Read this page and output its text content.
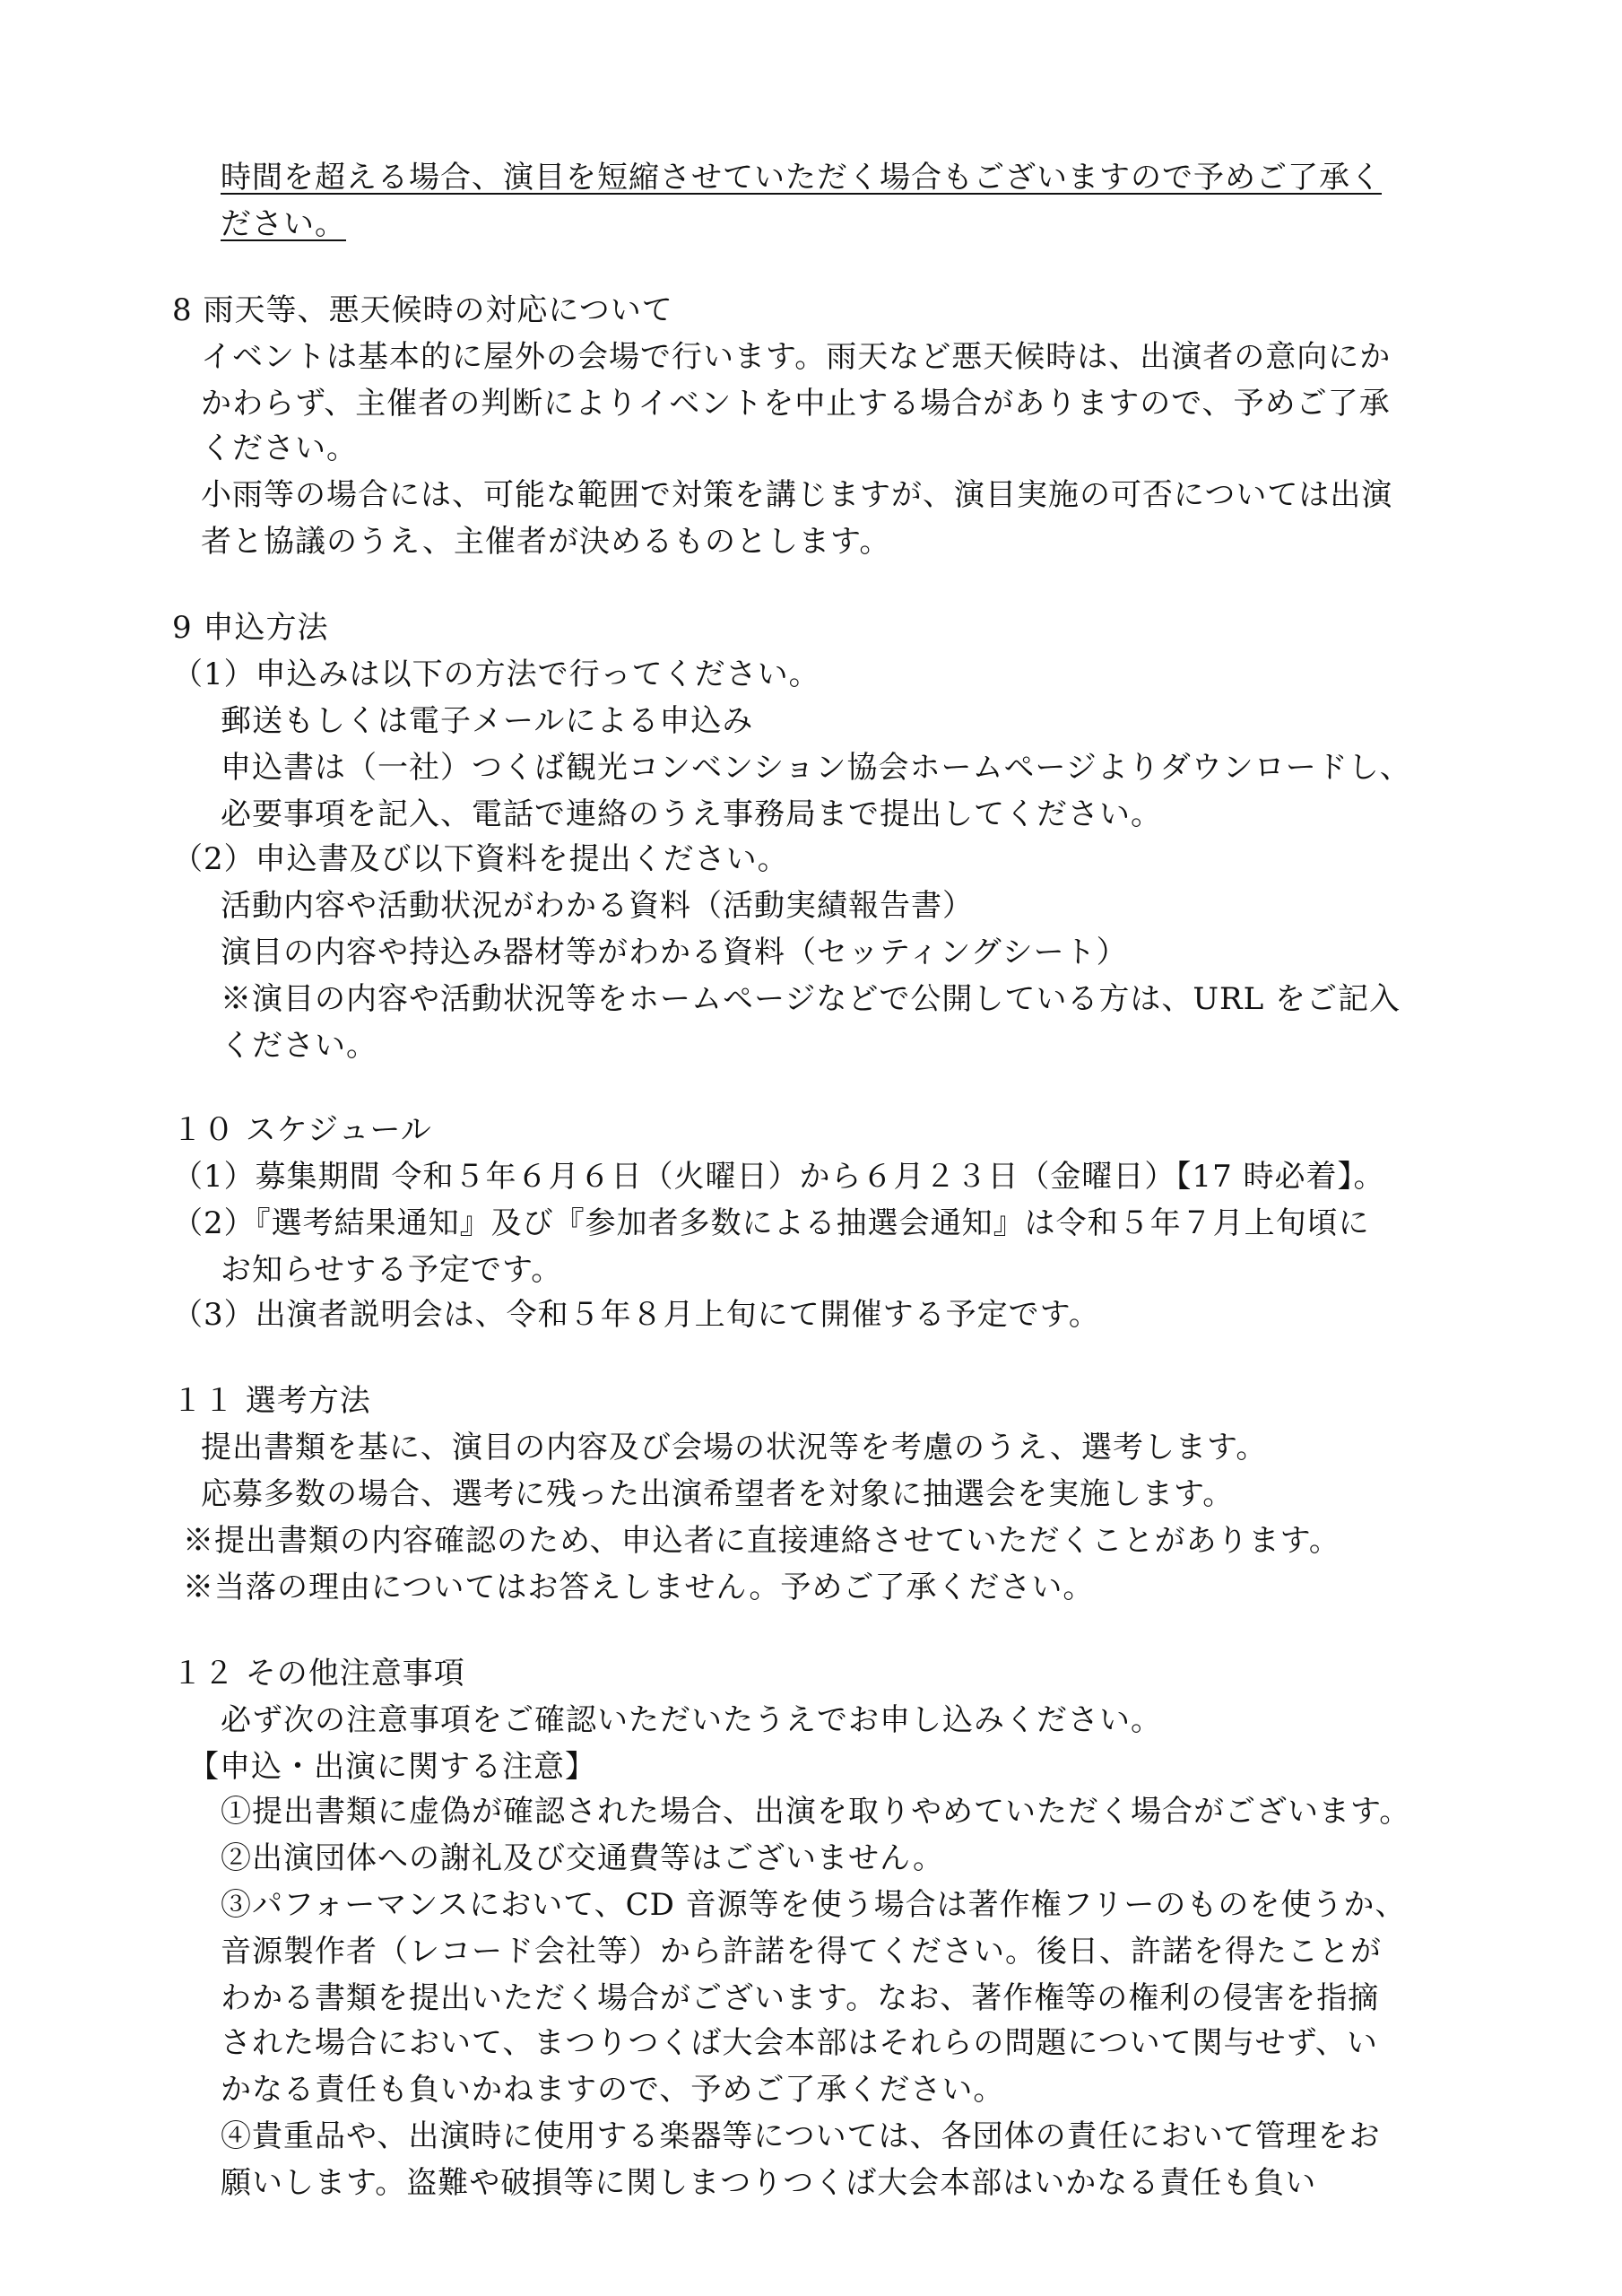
時間を超える場合、演目を短縮させていただく場合もございますので予めご了承く
ださい。
8 雨天等、悪天候時の対応について
イベントは基本的に屋外の会場で行います。雨天など悪天候時は、出演者の意向にか
かわらず、主催者の判断によりイベントを中止する場合がありますので、予めご了承
ください。
小雨等の場合には、可能な範囲で対策を講じますが、演目実施の可否については出演
者と協議のうえ、主催者が決めるものとします。
9 申込方法
（1）申込みは以下の方法で行ってください。
郵送もしくは電子メールによる申込み
申込書は（一社）つくば観光コンベンション協会ホームページよりダウンロードし、
必要事項を記入、電話で連絡のうえ事務局まで提出してください。
（2）申込書及び以下資料を提出ください。
活動内容や活動状況がわかる資料（活動実績報告書）
演目の内容や持込み器材等がわかる資料（セッティングシート）
※演目の内容や活動状況等をホームページなどで公開している方は、URL をご記入
ください。
１０ スケジュール
（1）募集期間 令和５年６月６日（火曜日）から６月２３日（金曜日）【17 時必着】。
（2）『選考結果通知』及び『参加者多数による抽選会通知』は令和５年７月上旬頃に
お知らせする予定です。
（3）出演者説明会は、令和５年８月上旬にて開催する予定です。
１１ 選考方法
提出書類を基に、演目の内容及び会場の状況等を考慮のうえ、選考します。
応募多数の場合、選考に残った出演希望者を対象に抽選会を実施します。
※提出書類の内容確認のため、申込者に直接連絡させていただくことがあります。
※当落の理由についてはお答えしません。予めご了承ください。
１２ その他注意事項
必ず次の注意事項をご確認いただいたうえでお申し込みください。
【申込・出演に関する注意】
①提出書類に虚偽が確認された場合、出演を取りやめていただく場合がございます。
②出演団体への謝礼及び交通費等はございません。
③パフォーマンスにおいて、CD 音源等を使う場合は著作権フリーのものを使うか、
音源製作者（レコード会社等）から許諾を得てください。後日、許諾を得たことが
わかる書類を提出いただく場合がございます。なお、著作権等の権利の侵害を指摘
された場合において、まつりつくば大会本部はそれらの問題について関与せず、い
かなる責任も負いかねますので、予めご了承ください。
④貴重品や、出演時に使用する楽器等については、各団体の責任において管理をお
願いします。盗難や破損等に関しまつりつくば大会本部はいかなる責任も負い
